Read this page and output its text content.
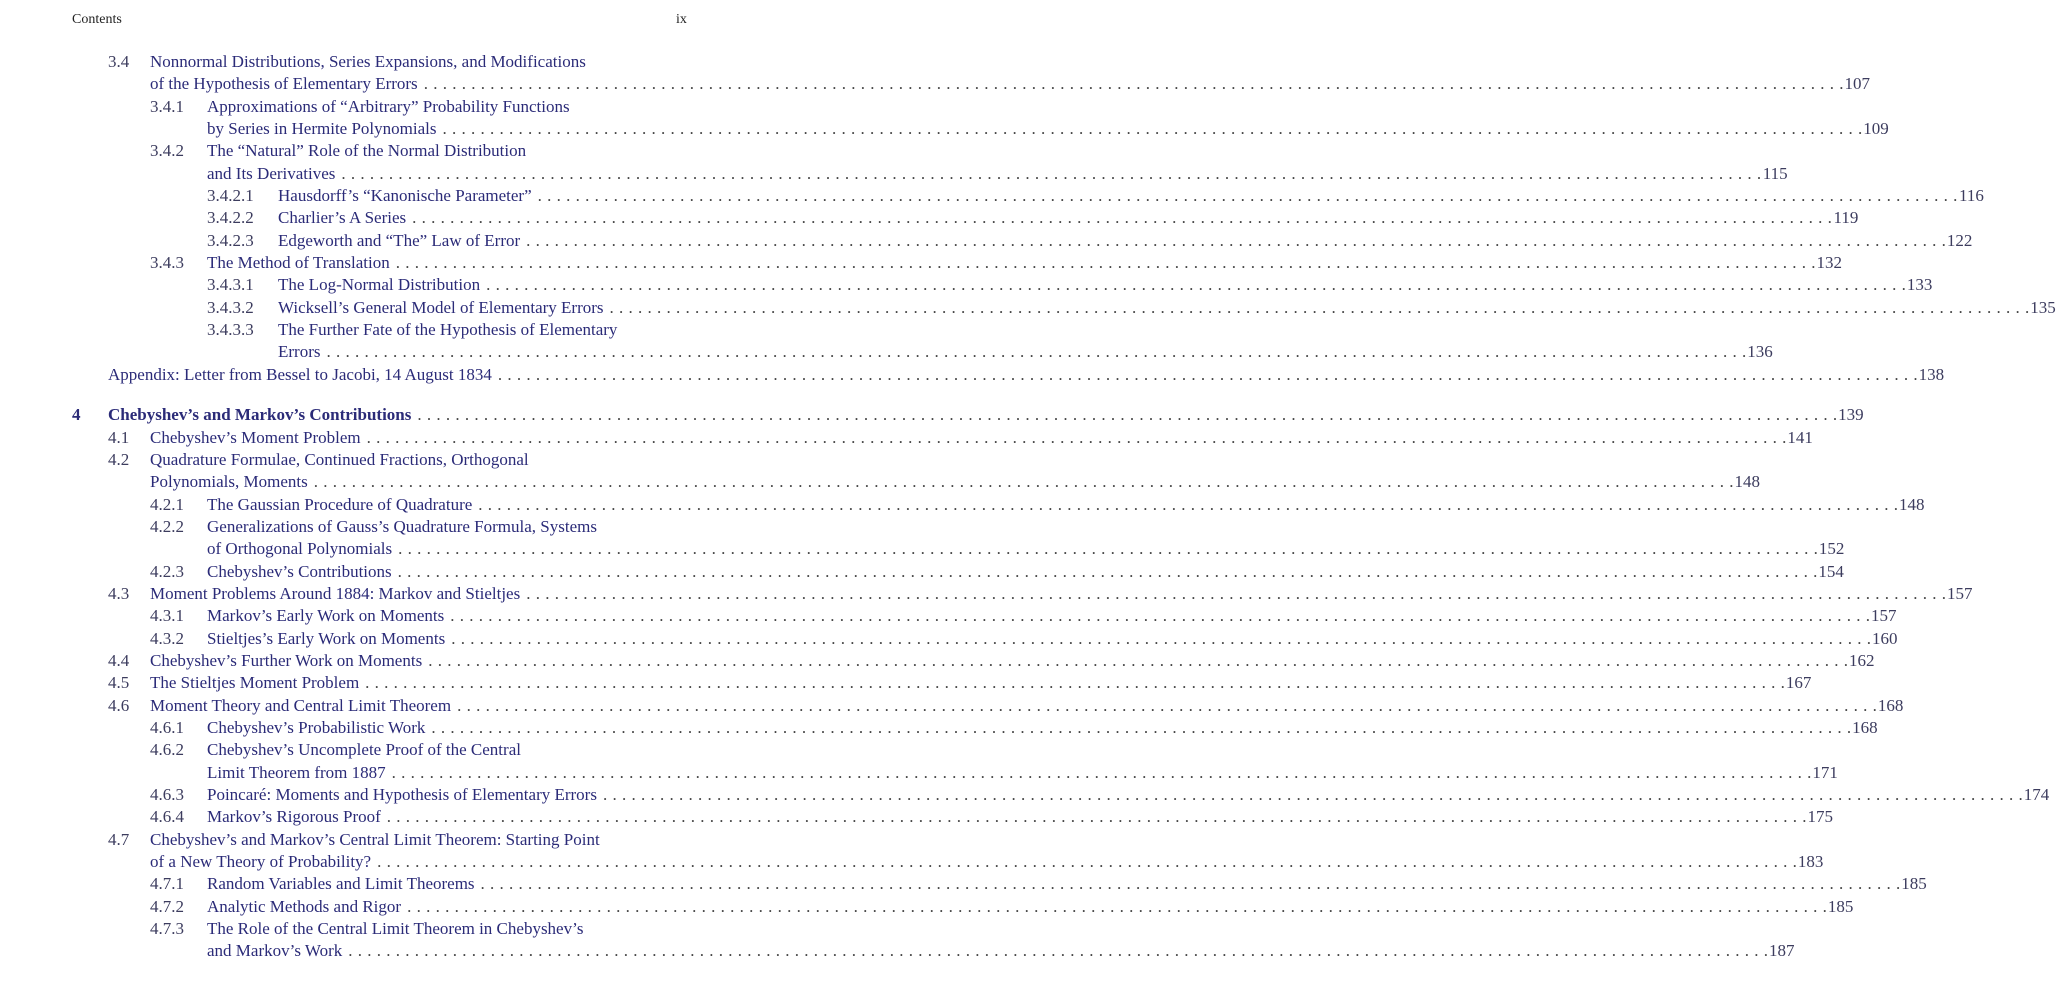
Contents	ix
3.4 Nonnormal Distributions, Series Expansions, and Modifications
of the Hypothesis of Elementary Errors . . . . . . . . . . . . . . . . . . . . . . . . . . . . . . . . . . . . . . . . . . . . . . . . . . . . . . . . . . . . . . . . . . . . . . . . . . . . . . . . . . . . . . . . . . . . . . . . . . . . . . . . . . . . . . . . . . . . . . . . . . . . . . . . . . . . . . . . . . . . . . . . . . . . . . 107
3.4.1 Approximations of “Arbitrary” Probability Functions
by Series in Hermite Polynomials . . . . . . . . . . . . . . . . . . . . . . . . . . . . . . . . . . . . . . . . . . . . . . . . . . . . . . . . . . . . . . . . . . . . . . . . . . . . . . . . . . . . . . . . . . . . . . . . . . . . . . . . . . . . . . . . . . . . . . . . . . . . . . . . . . . . . . . . . . . . . . . . . . . . . . 109
3.4.2 The “Natural” Role of the Normal Distribution
and Its Derivatives . . . . . . . . . . . . . . . . . . . . . . . . . . . . . . . . . . . . . . . . . . . . . . . . . . . . . . . . . . . . . . . . . . . . . . . . . . . . . . . . . . . . . . . . . . . . . . . . . . . . . . . . . . . . . . . . . . . . . . . . . . . . . . . . . . . . . . . . . . . . . . . . . . . . . . 115
3.4.2.1 Hausdorff’s “Kanonische Parameter” . . . . . . . . . . . . . . . . . . . . . . . . . . . . . . . . . . . . . . . . . . . . . . . . . . . . . . . . . . . . . . . . . . . . . . . . . . . . . . . . . . . . . . . . . . . . . . . . . . . . . . . . . . . . . . . . . . . . . . . . . . . . . . . . . . . . . . . . . . . . . . . . . . . . . . 116
3.4.2.2 Charlier’s A Series . . . . . . . . . . . . . . . . . . . . . . . . . . . . . . . . . . . . . . . . . . . . . . . . . . . . . . . . . . . . . . . . . . . . . . . . . . . . . . . . . . . . . . . . . . . . . . . . . . . . . . . . . . . . . . . . . . . . . . . . . . . . . . . . . . . . . . . . . . . . . . . . . . . . . . 119
3.4.2.3 Edgeworth and “The” Law of Error . . . . . . . . . . . . . . . . . . . . . . . . . . . . . . . . . . . . . . . . . . . . . . . . . . . . . . . . . . . . . . . . . . . . . . . . . . . . . . . . . . . . . . . . . . . . . . . . . . . . . . . . . . . . . . . . . . . . . . . . . . . . . . . . . . . . . . . . . . . . . . . . . . . . . . 122
3.4.3 The Method of Translation . . . . . . . . . . . . . . . . . . . . . . . . . . . . . . . . . . . . . . . . . . . . . . . . . . . . . . . . . . . . . . . . . . . . . . . . . . . . . . . . . . . . . . . . . . . . . . . . . . . . . . . . . . . . . . . . . . . . . . . . . . . . . . . . . . . . . . . . . . . . . . . . . . . . . . 132
3.4.3.1 The Log-Normal Distribution . . . . . . . . . . . . . . . . . . . . . . . . . . . . . . . . . . . . . . . . . . . . . . . . . . . . . . . . . . . . . . . . . . . . . . . . . . . . . . . . . . . . . . . . . . . . . . . . . . . . . . . . . . . . . . . . . . . . . . . . . . . . . . . . . . . . . . . . . . . . . . . . . . . . . . 133
3.4.3.2 Wicksell’s General Model of Elementary Errors . . . . . . . . . . . . . . . . . . . . . . . . . . . . . . . . . . . . . . . . . . . . . . . . . . . . . . . . . . . . . . . . . . . . . . . . . . . . . . . . . . . . . . . . . . . . . . . . . . . . . . . . . . . . . . . . . . . . . . . . . . . . . . . . . . . . . . . . . . . . . . . . . . . . . . 135
3.4.3.3 The Further Fate of the Hypothesis of Elementary
Errors . . . . . . . . . . . . . . . . . . . . . . . . . . . . . . . . . . . . . . . . . . . . . . . . . . . . . . . . . . . . . . . . . . . . . . . . . . . . . . . . . . . . . . . . . . . . . . . . . . . . . . . . . . . . . . . . . . . . . . . . . . . . . . . . . . . . . . . . . . . . . . . . . . . . . . 136
Appendix: Letter from Bessel to Jacobi, 14 August 1834 . . . . . . . . . . . . . . . . . . . . . . . . . . . . . . . . . . . . . . . . . . . . . . . . . . . . . . . . . . . . . . . . . . . . . . . . . . . . . . . . . . . . . . . . . . . . . . . . . . . . . . . . . . . . . . . . . . . . . . . . . . . . . . . . . . . . . . . . . . . . . . . . . . . . . . 138
4 Chebyshev’s and Markov’s Contributions . . . . . . . . . . . . . . . . . . . . . . . . . . . . . . . . . . . . . . . . . . . . . . . . . . . . . . . . . . . . . . . . . . . . . . . . . . . . . . . . . . . . . . . . . . . . . . . . . . . . . . . . . . . . . . . . . . . . . . . . . . . . . . . . . . . . . . . . . . . . . . . . . . . . . . 139
4.1 Chebyshev’s Moment Problem . . . . . . . . . . . . . . . . . . . . . . . . . . . . . . . . . . . . . . . . . . . . . . . . . . . . . . . . . . . . . . . . . . . . . . . . . . . . . . . . . . . . . . . . . . . . . . . . . . . . . . . . . . . . . . . . . . . . . . . . . . . . . . . . . . . . . . . . . . . . . . . . . . . . . . 141
4.2 Quadrature Formulae, Continued Fractions, Orthogonal
Polynomials, Moments . . . . . . . . . . . . . . . . . . . . . . . . . . . . . . . . . . . . . . . . . . . . . . . . . . . . . . . . . . . . . . . . . . . . . . . . . . . . . . . . . . . . . . . . . . . . . . . . . . . . . . . . . . . . . . . . . . . . . . . . . . . . . . . . . . . . . . . . . . . . . . . . . . . . . . 148
4.2.1 The Gaussian Procedure of Quadrature . . . . . . . . . . . . . . . . . . . . . . . . . . . . . . . . . . . . . . . . . . . . . . . . . . . . . . . . . . . . . . . . . . . . . . . . . . . . . . . . . . . . . . . . . . . . . . . . . . . . . . . . . . . . . . . . . . . . . . . . . . . . . . . . . . . . . . . . . . . . . . . . . . . . . . 148
4.2.2 Generalizations of Gauss’s Quadrature Formula, Systems
of Orthogonal Polynomials . . . . . . . . . . . . . . . . . . . . . . . . . . . . . . . . . . . . . . . . . . . . . . . . . . . . . . . . . . . . . . . . . . . . . . . . . . . . . . . . . . . . . . . . . . . . . . . . . . . . . . . . . . . . . . . . . . . . . . . . . . . . . . . . . . . . . . . . . . . . . . . . . . . . . . 152
4.2.3 Chebyshev’s Contributions . . . . . . . . . . . . . . . . . . . . . . . . . . . . . . . . . . . . . . . . . . . . . . . . . . . . . . . . . . . . . . . . . . . . . . . . . . . . . . . . . . . . . . . . . . . . . . . . . . . . . . . . . . . . . . . . . . . . . . . . . . . . . . . . . . . . . . . . . . . . . . . . . . . . . . 154
4.3 Moment Problems Around 1884: Markov and Stieltjes . . . . . . . . . . . . . . . . . . . . . . . . . . . . . . . . . . . . . . . . . . . . . . . . . . . . . . . . . . . . . . . . . . . . . . . . . . . . . . . . . . . . . . . . . . . . . . . . . . . . . . . . . . . . . . . . . . . . . . . . . . . . . . . . . . . . . . . . . . . . . . . . . . . . . . 157
4.3.1 Markov’s Early Work on Moments . . . . . . . . . . . . . . . . . . . . . . . . . . . . . . . . . . . . . . . . . . . . . . . . . . . . . . . . . . . . . . . . . . . . . . . . . . . . . . . . . . . . . . . . . . . . . . . . . . . . . . . . . . . . . . . . . . . . . . . . . . . . . . . . . . . . . . . . . . . . . . . . . . . . . . 157
4.3.2 Stieltjes’s Early Work on Moments . . . . . . . . . . . . . . . . . . . . . . . . . . . . . . . . . . . . . . . . . . . . . . . . . . . . . . . . . . . . . . . . . . . . . . . . . . . . . . . . . . . . . . . . . . . . . . . . . . . . . . . . . . . . . . . . . . . . . . . . . . . . . . . . . . . . . . . . . . . . . . . . . . . . . . 160
4.4 Chebyshev’s Further Work on Moments . . . . . . . . . . . . . . . . . . . . . . . . . . . . . . . . . . . . . . . . . . . . . . . . . . . . . . . . . . . . . . . . . . . . . . . . . . . . . . . . . . . . . . . . . . . . . . . . . . . . . . . . . . . . . . . . . . . . . . . . . . . . . . . . . . . . . . . . . . . . . . . . . . . . . . 162
4.5 The Stieltjes Moment Problem . . . . . . . . . . . . . . . . . . . . . . . . . . . . . . . . . . . . . . . . . . . . . . . . . . . . . . . . . . . . . . . . . . . . . . . . . . . . . . . . . . . . . . . . . . . . . . . . . . . . . . . . . . . . . . . . . . . . . . . . . . . . . . . . . . . . . . . . . . . . . . . . . . . . . . 167
4.6 Moment Theory and Central Limit Theorem . . . . . . . . . . . . . . . . . . . . . . . . . . . . . . . . . . . . . . . . . . . . . . . . . . . . . . . . . . . . . . . . . . . . . . . . . . . . . . . . . . . . . . . . . . . . . . . . . . . . . . . . . . . . . . . . . . . . . . . . . . . . . . . . . . . . . . . . . . . . . . . . . . . . . . 168
4.6.1 Chebyshev’s Probabilistic Work . . . . . . . . . . . . . . . . . . . . . . . . . . . . . . . . . . . . . . . . . . . . . . . . . . . . . . . . . . . . . . . . . . . . . . . . . . . . . . . . . . . . . . . . . . . . . . . . . . . . . . . . . . . . . . . . . . . . . . . . . . . . . . . . . . . . . . . . . . . . . . . . . . . . . . 168
4.6.2 Chebyshev’s Uncomplete Proof of the Central
Limit Theorem from 1887 . . . . . . . . . . . . . . . . . . . . . . . . . . . . . . . . . . . . . . . . . . . . . . . . . . . . . . . . . . . . . . . . . . . . . . . . . . . . . . . . . . . . . . . . . . . . . . . . . . . . . . . . . . . . . . . . . . . . . . . . . . . . . . . . . . . . . . . . . . . . . . . . . . . . . . 171
4.6.3 Poincaré: Moments and Hypothesis of Elementary Errors . . . . . . . . . . . . . . . . . . . . . . . . . . . . . . . . . . . . . . . . . . . . . . . . . . . . . . . . . . . . . . . . . . . . . . . . . . . . . . . . . . . . . . . . . . . . . . . . . . . . . . . . . . . . . . . . . . . . . . . . . . . . . . . . . . . . . . . . . . . . . . . . . . . . . . 174
4.6.4 Markov’s Rigorous Proof . . . . . . . . . . . . . . . . . . . . . . . . . . . . . . . . . . . . . . . . . . . . . . . . . . . . . . . . . . . . . . . . . . . . . . . . . . . . . . . . . . . . . . . . . . . . . . . . . . . . . . . . . . . . . . . . . . . . . . . . . . . . . . . . . . . . . . . . . . . . . . . . . . . . . . 175
4.7 Chebyshev’s and Markov’s Central Limit Theorem: Starting Point
of a New Theory of Probability? . . . . . . . . . . . . . . . . . . . . . . . . . . . . . . . . . . . . . . . . . . . . . . . . . . . . . . . . . . . . . . . . . . . . . . . . . . . . . . . . . . . . . . . . . . . . . . . . . . . . . . . . . . . . . . . . . . . . . . . . . . . . . . . . . . . . . . . . . . . . . . . . . . . . . . 183
4.7.1 Random Variables and Limit Theorems . . . . . . . . . . . . . . . . . . . . . . . . . . . . . . . . . . . . . . . . . . . . . . . . . . . . . . . . . . . . . . . . . . . . . . . . . . . . . . . . . . . . . . . . . . . . . . . . . . . . . . . . . . . . . . . . . . . . . . . . . . . . . . . . . . . . . . . . . . . . . . . . . . . . . . 185
4.7.2 Analytic Methods and Rigor . . . . . . . . . . . . . . . . . . . . . . . . . . . . . . . . . . . . . . . . . . . . . . . . . . . . . . . . . . . . . . . . . . . . . . . . . . . . . . . . . . . . . . . . . . . . . . . . . . . . . . . . . . . . . . . . . . . . . . . . . . . . . . . . . . . . . . . . . . . . . . . . . . . . . . 185
4.7.3 The Role of the Central Limit Theorem in Chebyshev’s
and Markov’s Work . . . . . . . . . . . . . . . . . . . . . . . . . . . . . . . . . . . . . . . . . . . . . . . . . . . . . . . . . . . . . . . . . . . . . . . . . . . . . . . . . . . . . . . . . . . . . . . . . . . . . . . . . . . . . . . . . . . . . . . . . . . . . . . . . . . . . . . . . . . . . . . . . . . . . . 187
